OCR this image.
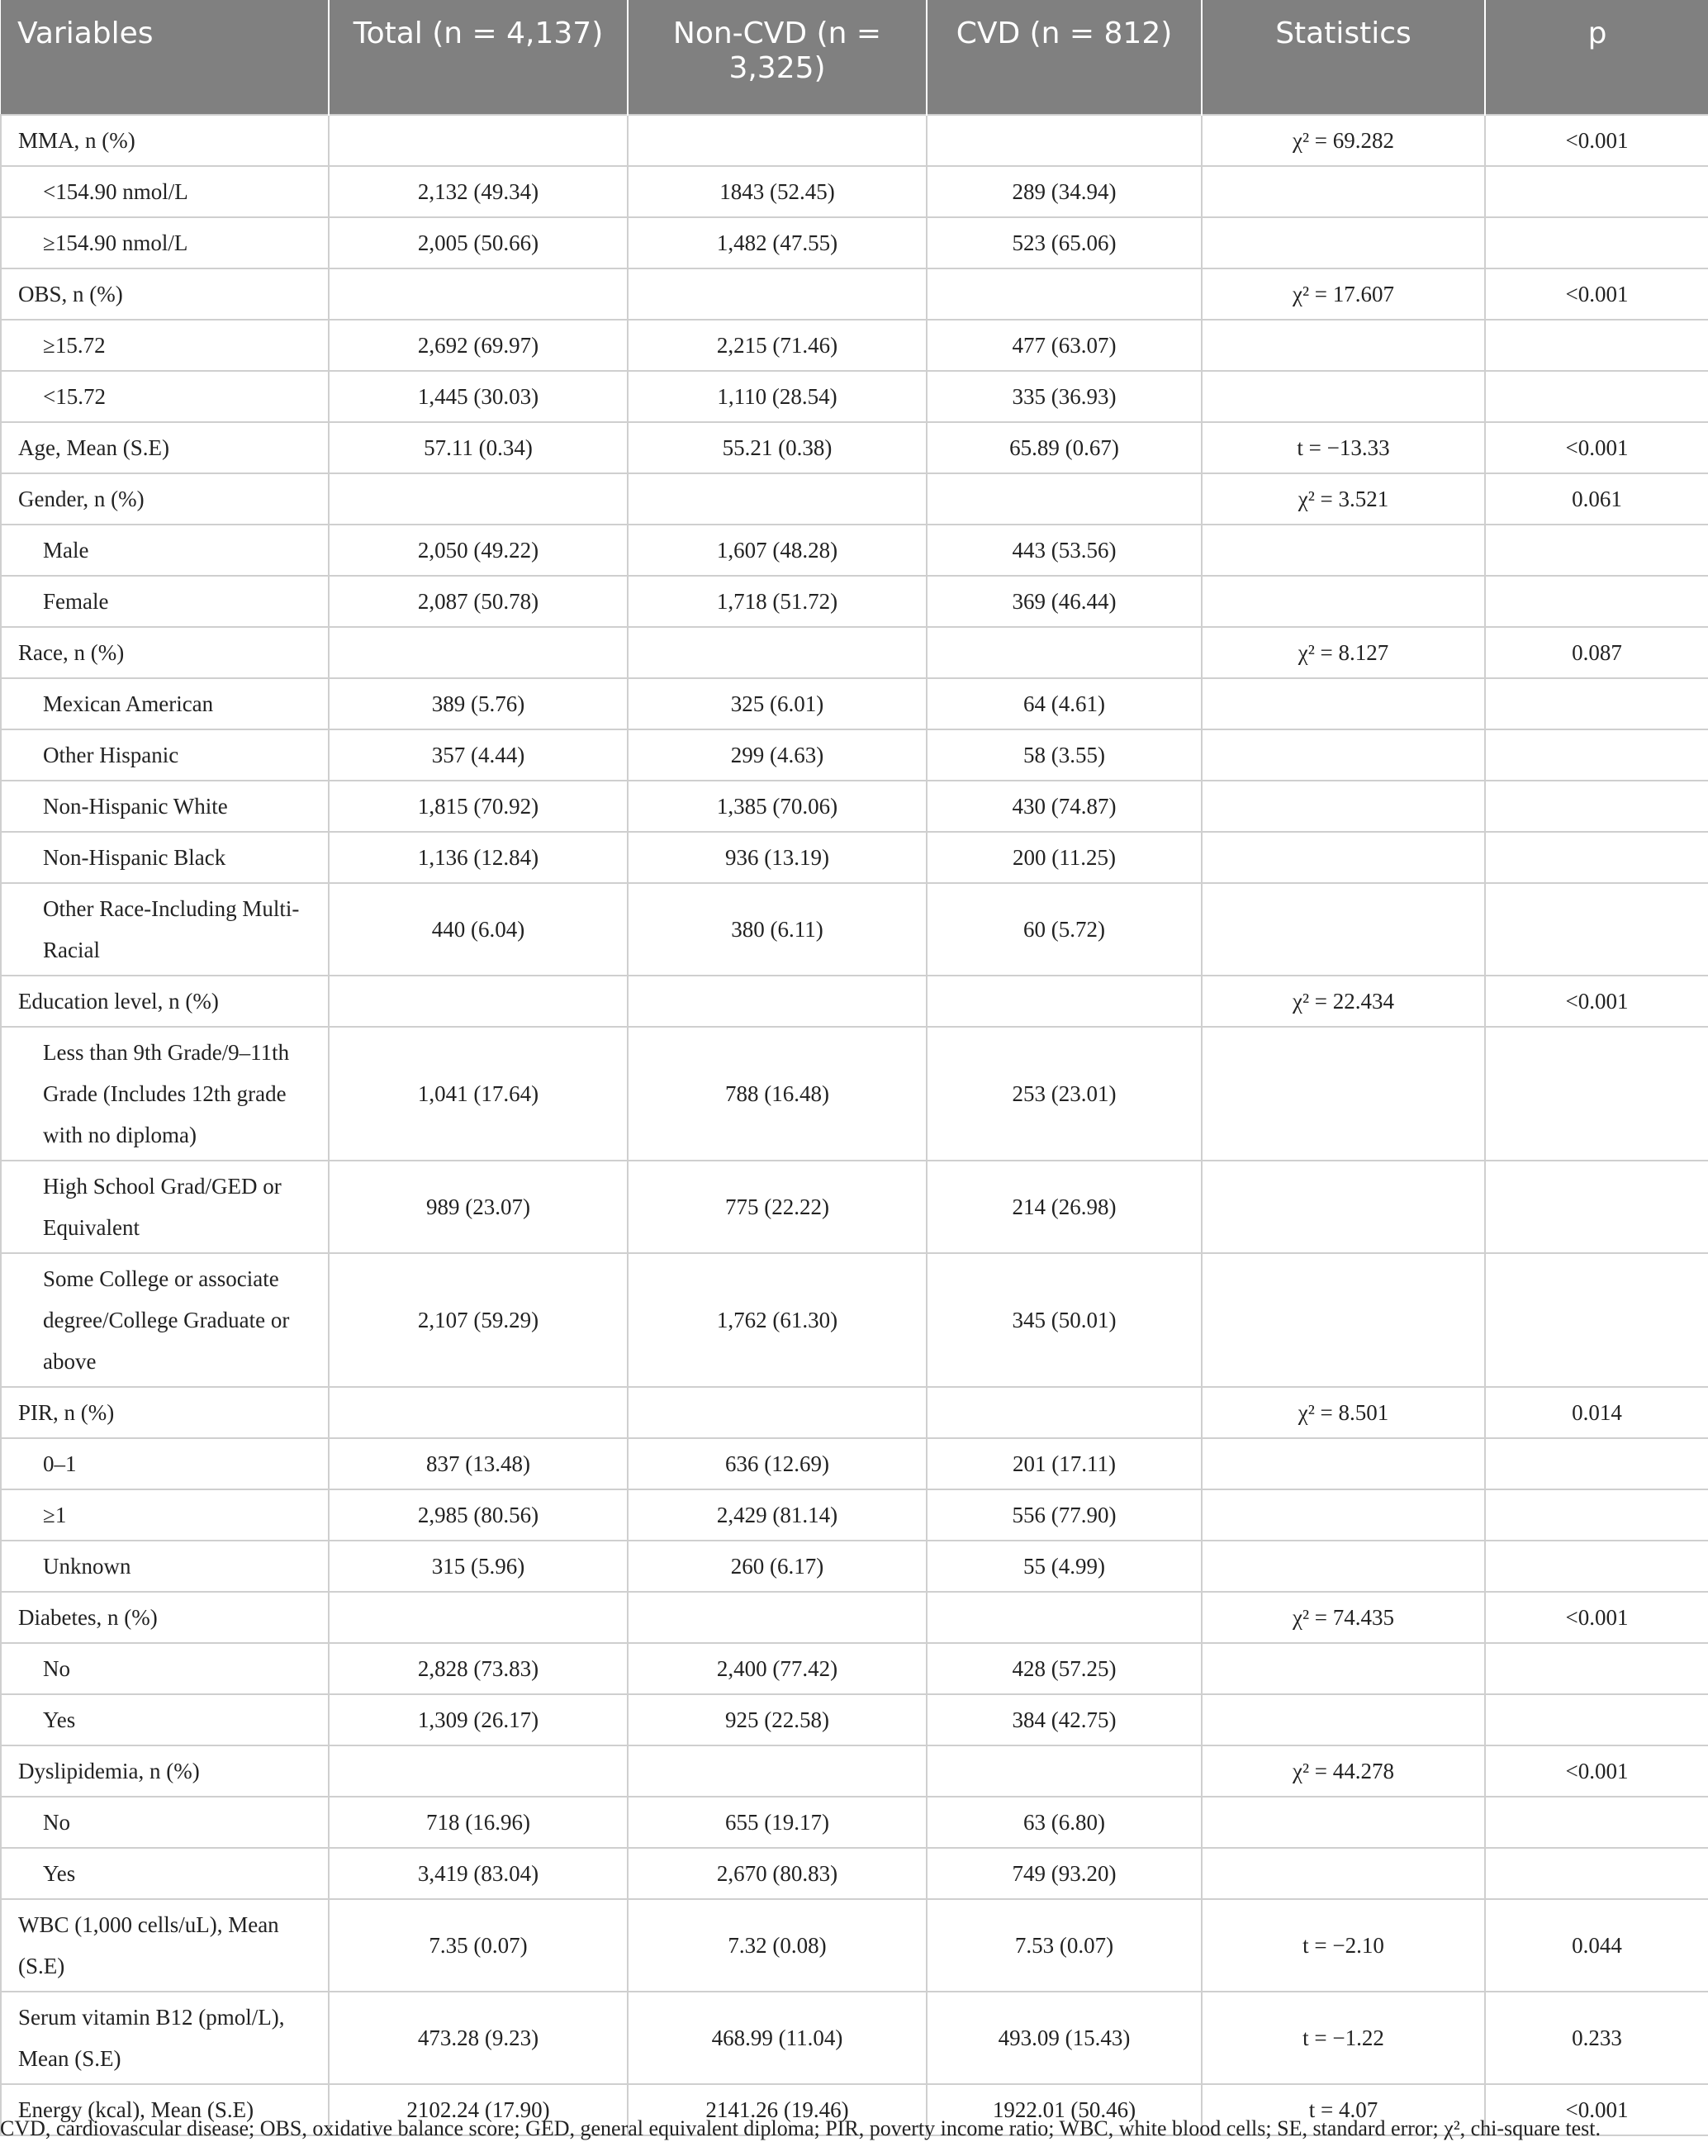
Variables	Total (n = 4,137)	Non-CVD (n = 3,325)	CVD (n = 812)	Statistics	p
MMA, n (%)				χ² = 69.282	<0.001
<154.90 nmol/L	2,132 (49.34)	1843 (52.45)	289 (34.94)		
≥154.90 nmol/L	2,005 (50.66)	1,482 (47.55)	523 (65.06)		
OBS, n (%)				χ² = 17.607	<0.001
≥15.72	2,692 (69.97)	2,215 (71.46)	477 (63.07)		
<15.72	1,445 (30.03)	1,110 (28.54)	335 (36.93)		
Age, Mean (S.E)	57.11 (0.34)	55.21 (0.38)	65.89 (0.67)	t = −13.33	<0.001
Gender, n (%)				χ² = 3.521	0.061
Male	2,050 (49.22)	1,607 (48.28)	443 (53.56)		
Female	2,087 (50.78)	1,718 (51.72)	369 (46.44)		
Race, n (%)				χ² = 8.127	0.087
Mexican American	389 (5.76)	325 (6.01)	64 (4.61)		
Other Hispanic	357 (4.44)	299 (4.63)	58 (3.55)		
Non-Hispanic White	1,815 (70.92)	1,385 (70.06)	430 (74.87)		
Non-Hispanic Black	1,136 (12.84)	936 (13.19)	200 (11.25)		
Other Race-Including Multi-Racial	440 (6.04)	380 (6.11)	60 (5.72)		
Education level, n (%)				χ² = 22.434	<0.001
Less than 9th Grade/9–11th Grade (Includes 12th grade with no diploma)	1,041 (17.64)	788 (16.48)	253 (23.01)		
High School Grad/GED or Equivalent	989 (23.07)	775 (22.22)	214 (26.98)		
Some College or associate degree/College Graduate or above	2,107 (59.29)	1,762 (61.30)	345 (50.01)		
PIR, n (%)				χ² = 8.501	0.014
0–1	837 (13.48)	636 (12.69)	201 (17.11)		
≥1	2,985 (80.56)	2,429 (81.14)	556 (77.90)		
Unknown	315 (5.96)	260 (6.17)	55 (4.99)		
Diabetes, n (%)				χ² = 74.435	<0.001
No	2,828 (73.83)	2,400 (77.42)	428 (57.25)		
Yes	1,309 (26.17)	925 (22.58)	384 (42.75)		
Dyslipidemia, n (%)				χ² = 44.278	<0.001
No	718 (16.96)	655 (19.17)	63 (6.80)		
Yes	3,419 (83.04)	2,670 (80.83)	749 (93.20)		
WBC (1,000 cells/uL), Mean (S.E)	7.35 (0.07)	7.32 (0.08)	7.53 (0.07)	t = −2.10	0.044
Serum vitamin B12 (pmol/L), Mean (S.E)	473.28 (9.23)	468.99 (11.04)	493.09 (15.43)	t = −1.22	0.233
Energy (kcal), Mean (S.E)	2102.24 (17.90)	2141.26 (19.46)	1922.01 (50.46)	t = 4.07	<0.001
CVD, cardiovascular disease; OBS, oxidative balance score; GED, general equivalent diploma; PIR, poverty income ratio; WBC, white blood cells; SE, standard error; χ², chi-square test.
